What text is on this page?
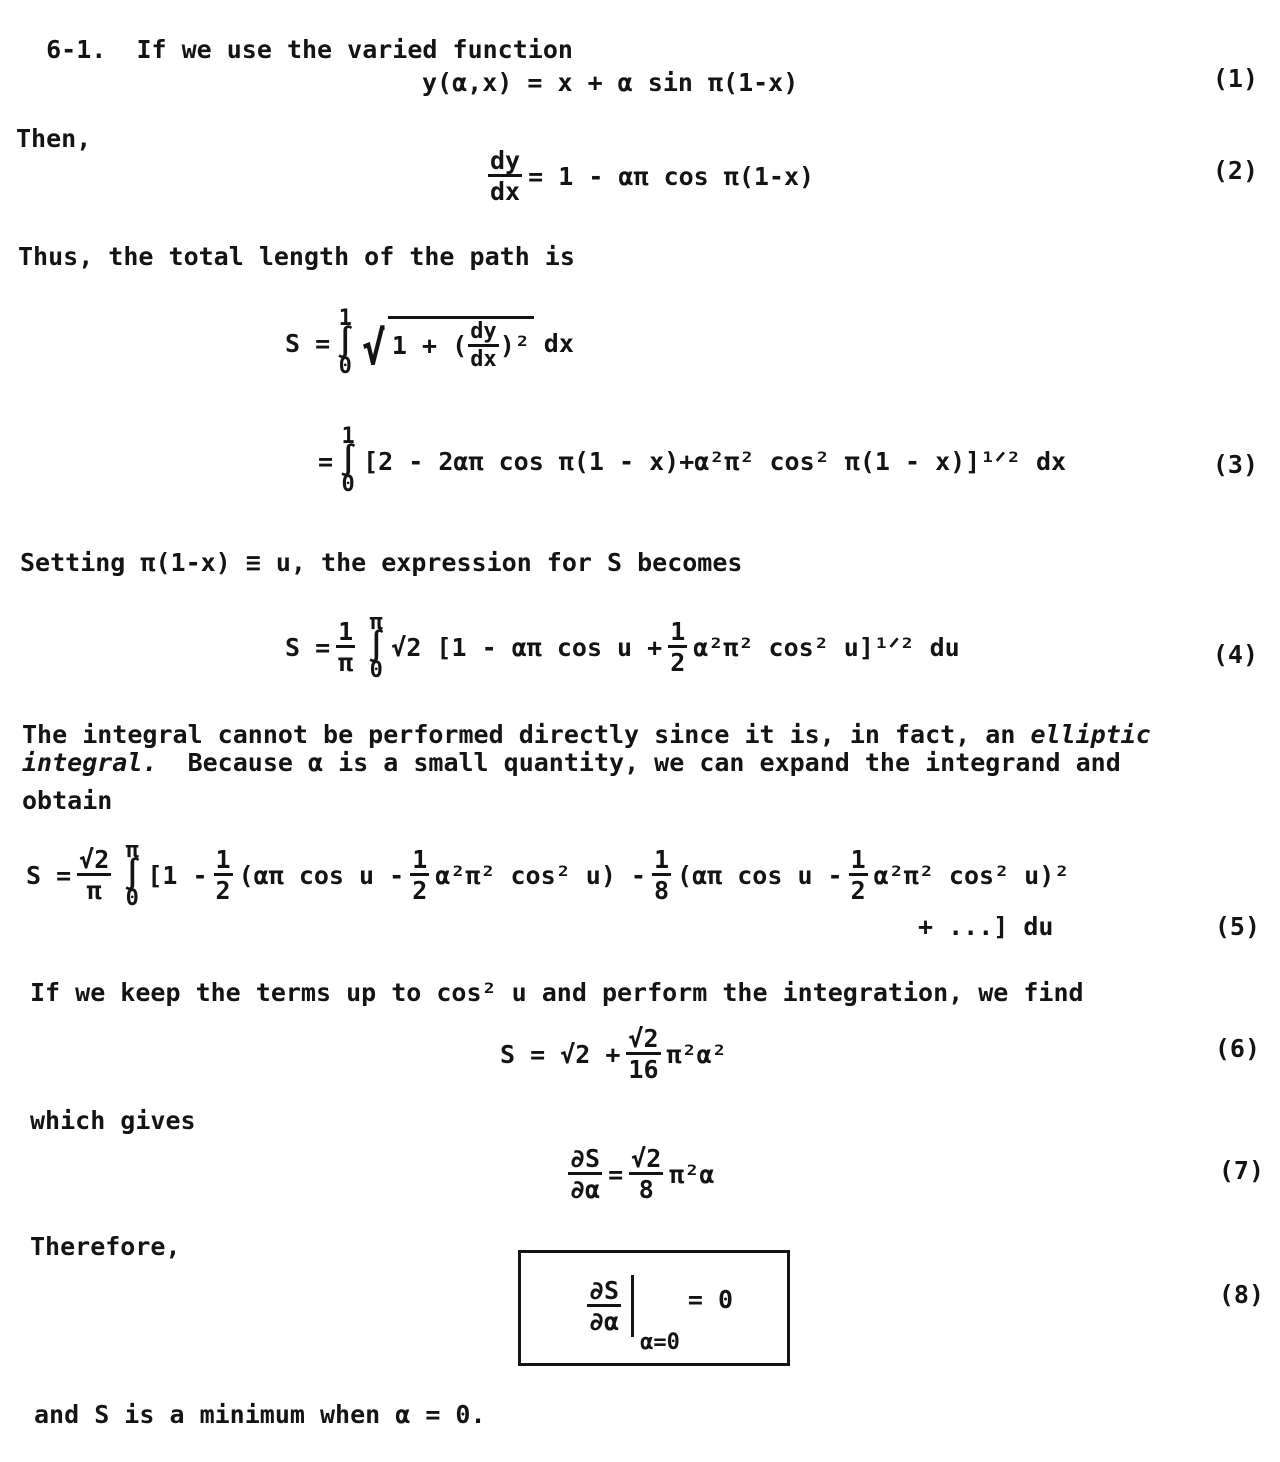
6-1. If we use the varied function

y(α,x) = x + α sin π(1-x)	(1)
Then,
$\frac{dy}{dx} = 1 - \alpha\pi$ cos π(1-x)	(2)
Thus, the total length of the path is
S =
1
∫
0 √ 1 + ( $\frac{dy}{dx} )^2$ dx
=
1
∫
0
[2 - 2απ cos π(1 - x)+α²π² cos² π(1 - x)]¹ᐟ² dx	(3)
Setting π(1-x) ≡ u, the expression for S becomes
$S = \frac{1}{\pi}$ π
∫
0
√2 [1 - απ $\cos u + \frac{1}{2} \alpha^2\pi^2$ cos² u]¹ᐟ² du	(4)
The integral cannot be performed directly since it is, in fact, an elliptic
integral. Because α is a small quantity, we can expand the integrand and
obtain
$S = \frac{√2}{\pi}$ π
∫
0
[$1 - \frac{1}{2} (\alpha\pi$ cos u - $\frac{1}{2} \alpha^2\pi^2$ cos² $u) - \frac{1}{8} (\alpha\pi$ cos u - $\frac{1}{2} \alpha^2\pi^2$ cos² u)²
+ ...] du	(5)
If we keep the terms up to cos² u and perform the integration, we find
$S = √2 + \frac{√2}{16} \pi^2\alpha^2$	(6)
which gives
$\frac{\partial S}{\partial\alpha} = \frac{√2}{8} \pi^2\alpha$	(7)
Therefore,
$\frac{\partial S}{\partial\alpha}$
α=0
= 0	(8)
and S is a minimum when α = 0.
